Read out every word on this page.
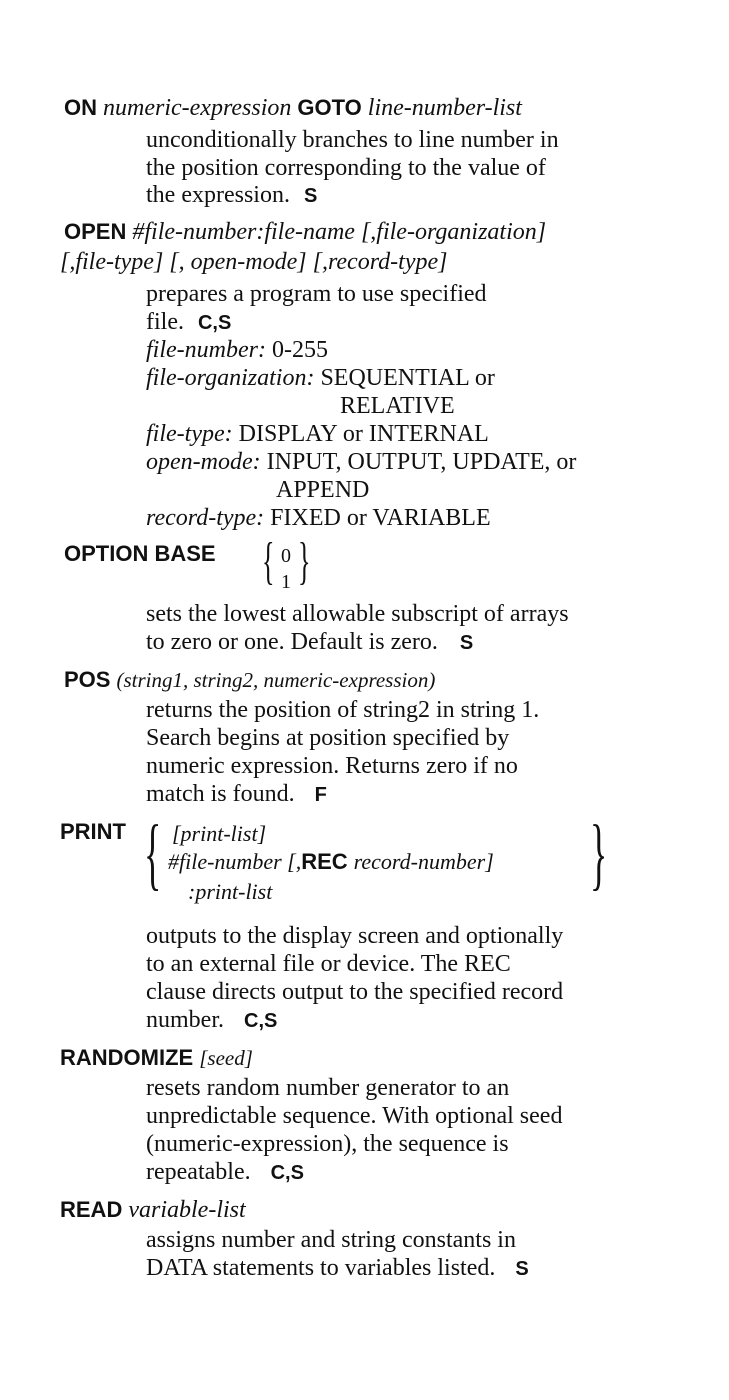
ON numeric-expression GOTO line-number-list
unconditionally branches to line number in
the position corresponding to the value of
the expression. S
OPEN #file-number:file-name [,file-organization]
[,file-type] [, open-mode] [,record-type]
prepares a program to use specified
file. C,S
file-number: 0-255
file-organization: SEQUENTIAL or
RELATIVE
file-type: DISPLAY or INTERNAL
open-mode: INPUT, OUTPUT, UPDATE, or
APPEND
record-type: FIXED or VARIABLE
OPTION BASE { 0
1 }
sets the lowest allowable subscript of arrays
to zero or one. Default is zero. S
POS (string1, string2, numeric-expression)
returns the position of string2 in string 1.
Search begins at position specified by
numeric expression. Returns zero if no
match is found. F
PRINT { [print-list]
#file-number [,REC record-number]
:print-list	}
outputs to the display screen and optionally
to an external file or device. The REC
clause directs output to the specified record
number. C,S
RANDOMIZE [seed]
resets random number generator to an
unpredictable sequence. With optional seed
(numeric-expression), the sequence is
repeatable. C,S
READ variable-list
assigns number and string constants in
DATA statements to variables listed. S
